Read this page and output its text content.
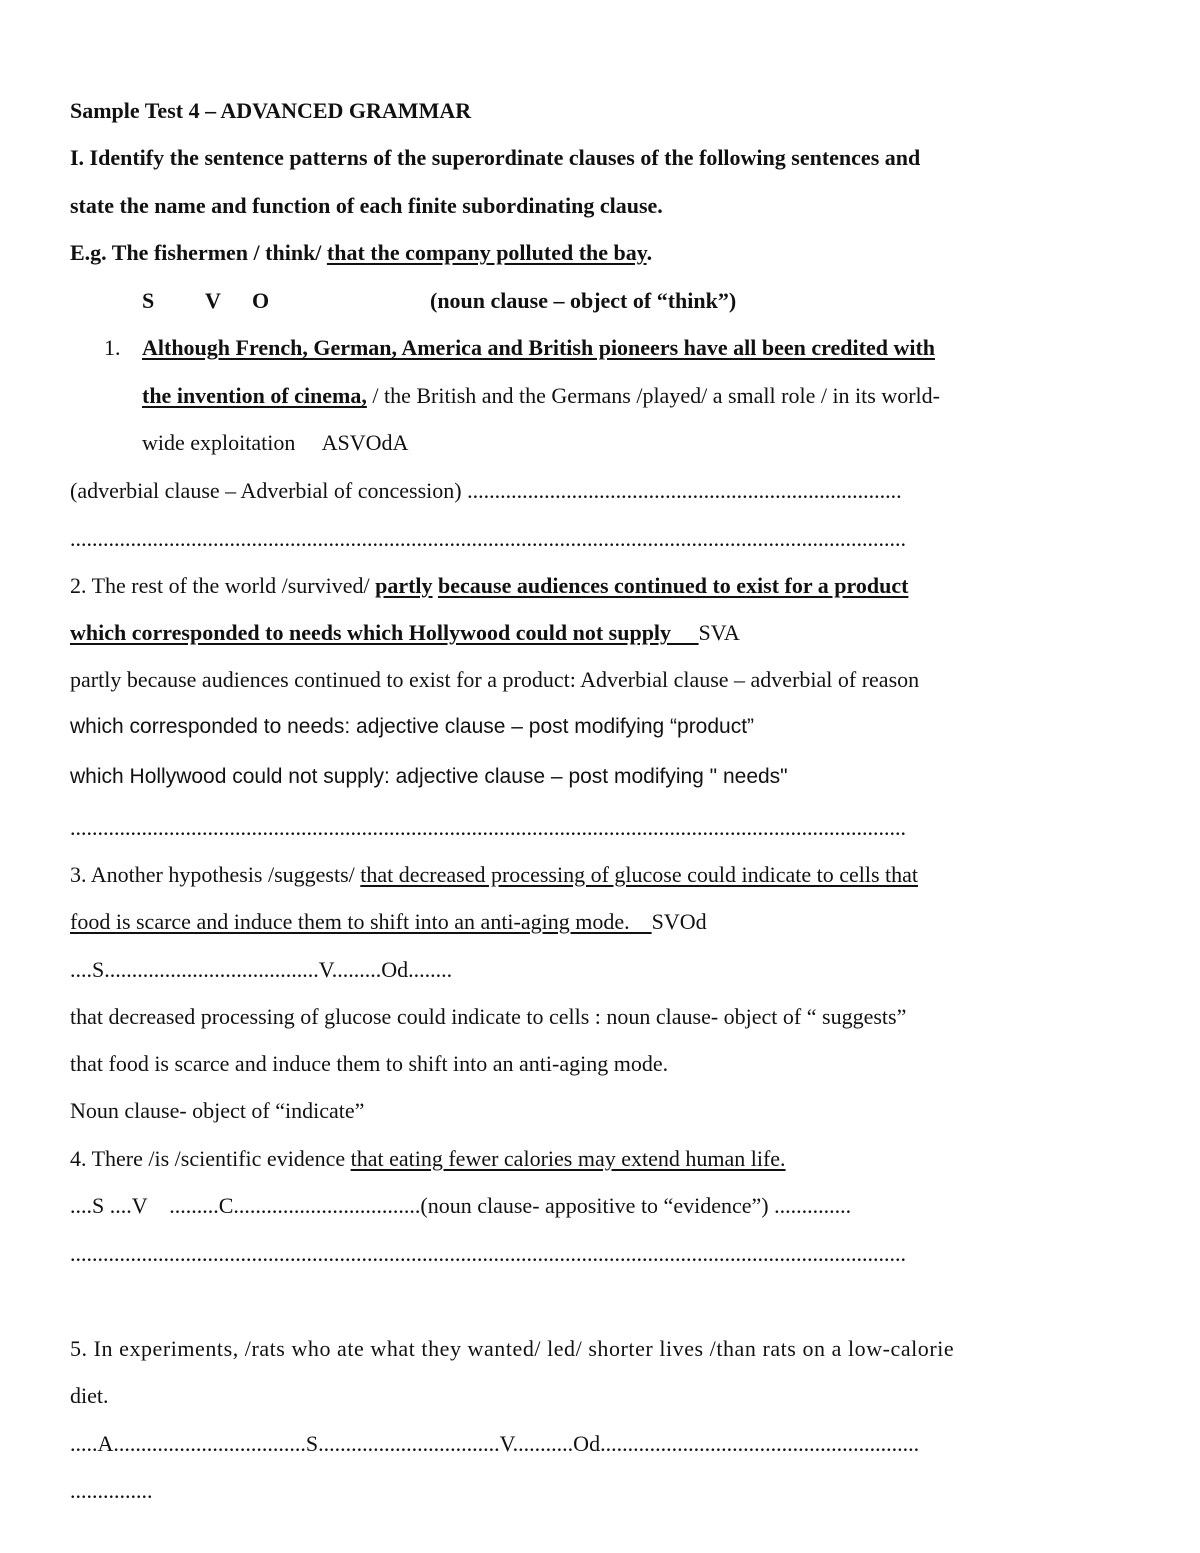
Sample Test 4 – ADVANCED GRAMMAR
I. Identify the sentence patterns of the superordinate clauses of the following sentences and
state the name and function of each finite subordinating clause.
E.g. The fishermen / think/ that the company polluted the bay.
S V O	(noun clause – object of “think”)
1. Although French, German, America and British pioneers have all been credited with
the invention of cinema, / the British and the Germans /played/ a small role / in its world-
wide exploitation     ASVOdA
(adverbial clause – Adverbial of concession) ...............................................................................
........................................................................................................................................................
2. The rest of the world /survived/ partly because audiences continued to exist for a product
which corresponded to needs which Hollywood could not supply     SVA
partly because audiences continued to exist for a product: Adverbial clause – adverbial of reason
which corresponded to needs: adjective clause – post modifying “product”
which Hollywood could not supply: adjective clause – post modifying " needs"
........................................................................................................................................................
3. Another hypothesis /suggests/ that decreased processing of glucose could indicate to cells that
food is scarce and induce them to shift into an anti-aging mode.    SVOd
....S.......................................V.........Od........
that decreased processing of glucose could indicate to cells : noun clause- object of “ suggests”
that food is scarce and induce them to shift into an anti-aging mode.
Noun clause- object of “indicate”
4. There /is /scientific evidence that eating fewer calories may extend human life.
....S ....V    .........C..................................(noun clause- appositive to “evidence”) ..............
........................................................................................................................................................
5. In experiments, /rats who ate what they wanted/ led/ shorter lives /than rats on a low-calorie
diet.
.....A...................................S.................................V...........Od..........................................................
...............
